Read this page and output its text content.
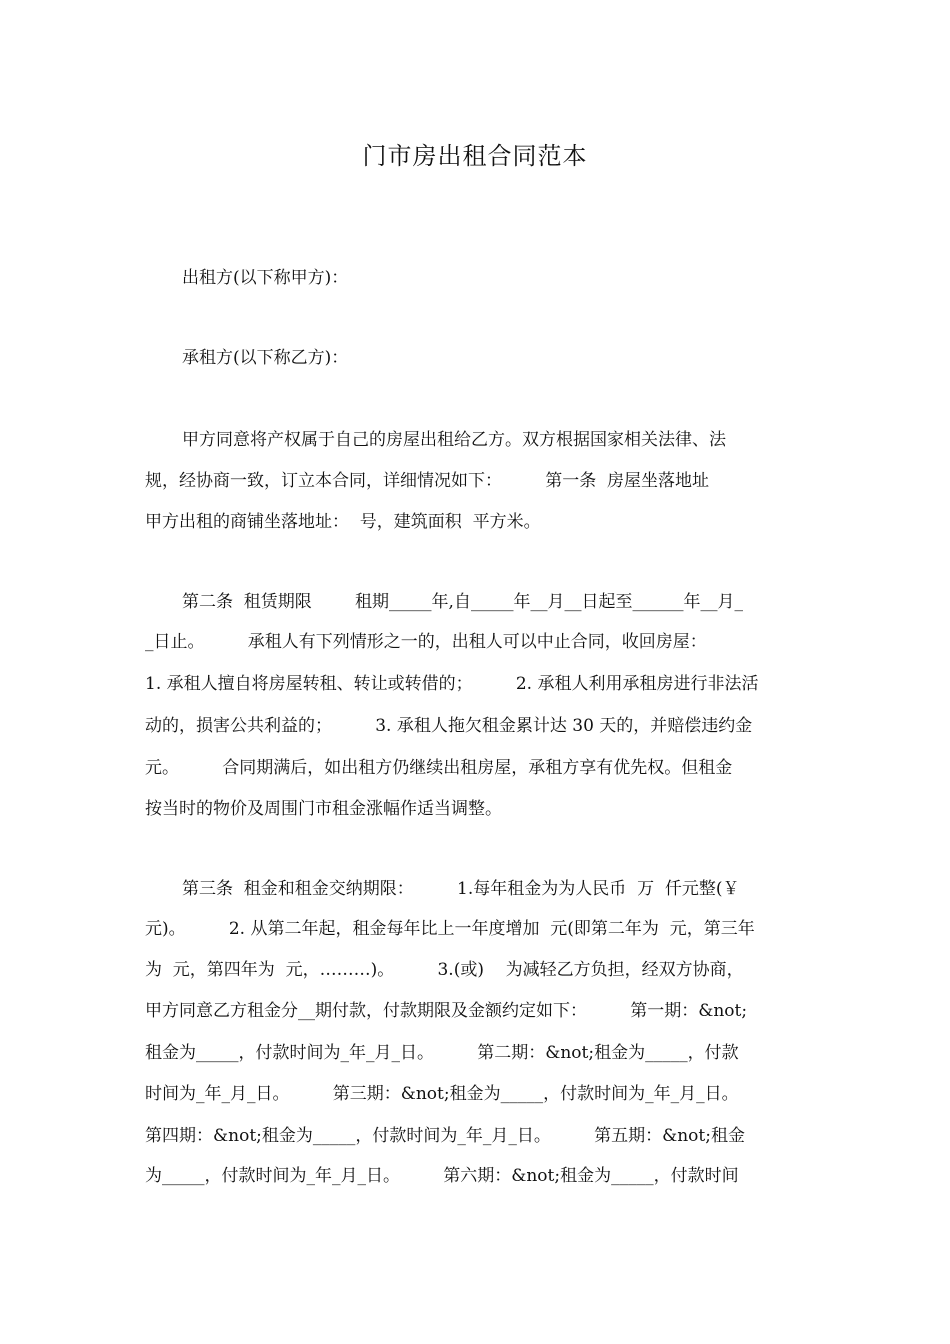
门市房出租合同范本
出租方(以下称甲方)：
承租方(以下称乙方)：
甲方同意将产权属于自己的房屋出租给乙方。双方根据国家相关法律、法
规，经协商一致，订立本合同，详细情况如下：        第一条  房屋坐落地址
甲方出租的商铺坐落地址：  号，建筑面积  平方米。
第二条  租赁期限        租期_____年,自_____年__月__日起至______年__月_
_日止。        承租人有下列情形之一的，出租人可以中止合同，收回房屋：
1. 承租人擅自将房屋转租、转让或转借的；        2. 承租人利用承租房进行非法活
动的，损害公共利益的；        3. 承租人拖欠租金累计达 30 天的，并赔偿违约金
元。        合同期满后，如出租方仍继续出租房屋，承租方享有优先权。但租金
按当时的物价及周围门市租金涨幅作适当调整。
第三条  租金和租金交纳期限：        1.每年租金为为人民币  万  仟元整(￥
元)。        2. 从第二年起，租金每年比上一年度增加  元(即第二年为  元，第三年
为  元，第四年为  元，………)。        3.(或)    为减轻乙方负担，经双方协商，
甲方同意乙方租金分__期付款，付款期限及金额约定如下：        第一期：&not;
租金为_____，付款时间为_年_月_日。        第二期：&not;租金为_____，付款
时间为_年_月_日。        第三期：&not;租金为_____，付款时间为_年_月_日。
第四期：&not;租金为_____，付款时间为_年_月_日。        第五期：&not;租金
为_____，付款时间为_年_月_日。        第六期：&not;租金为_____，付款时间
